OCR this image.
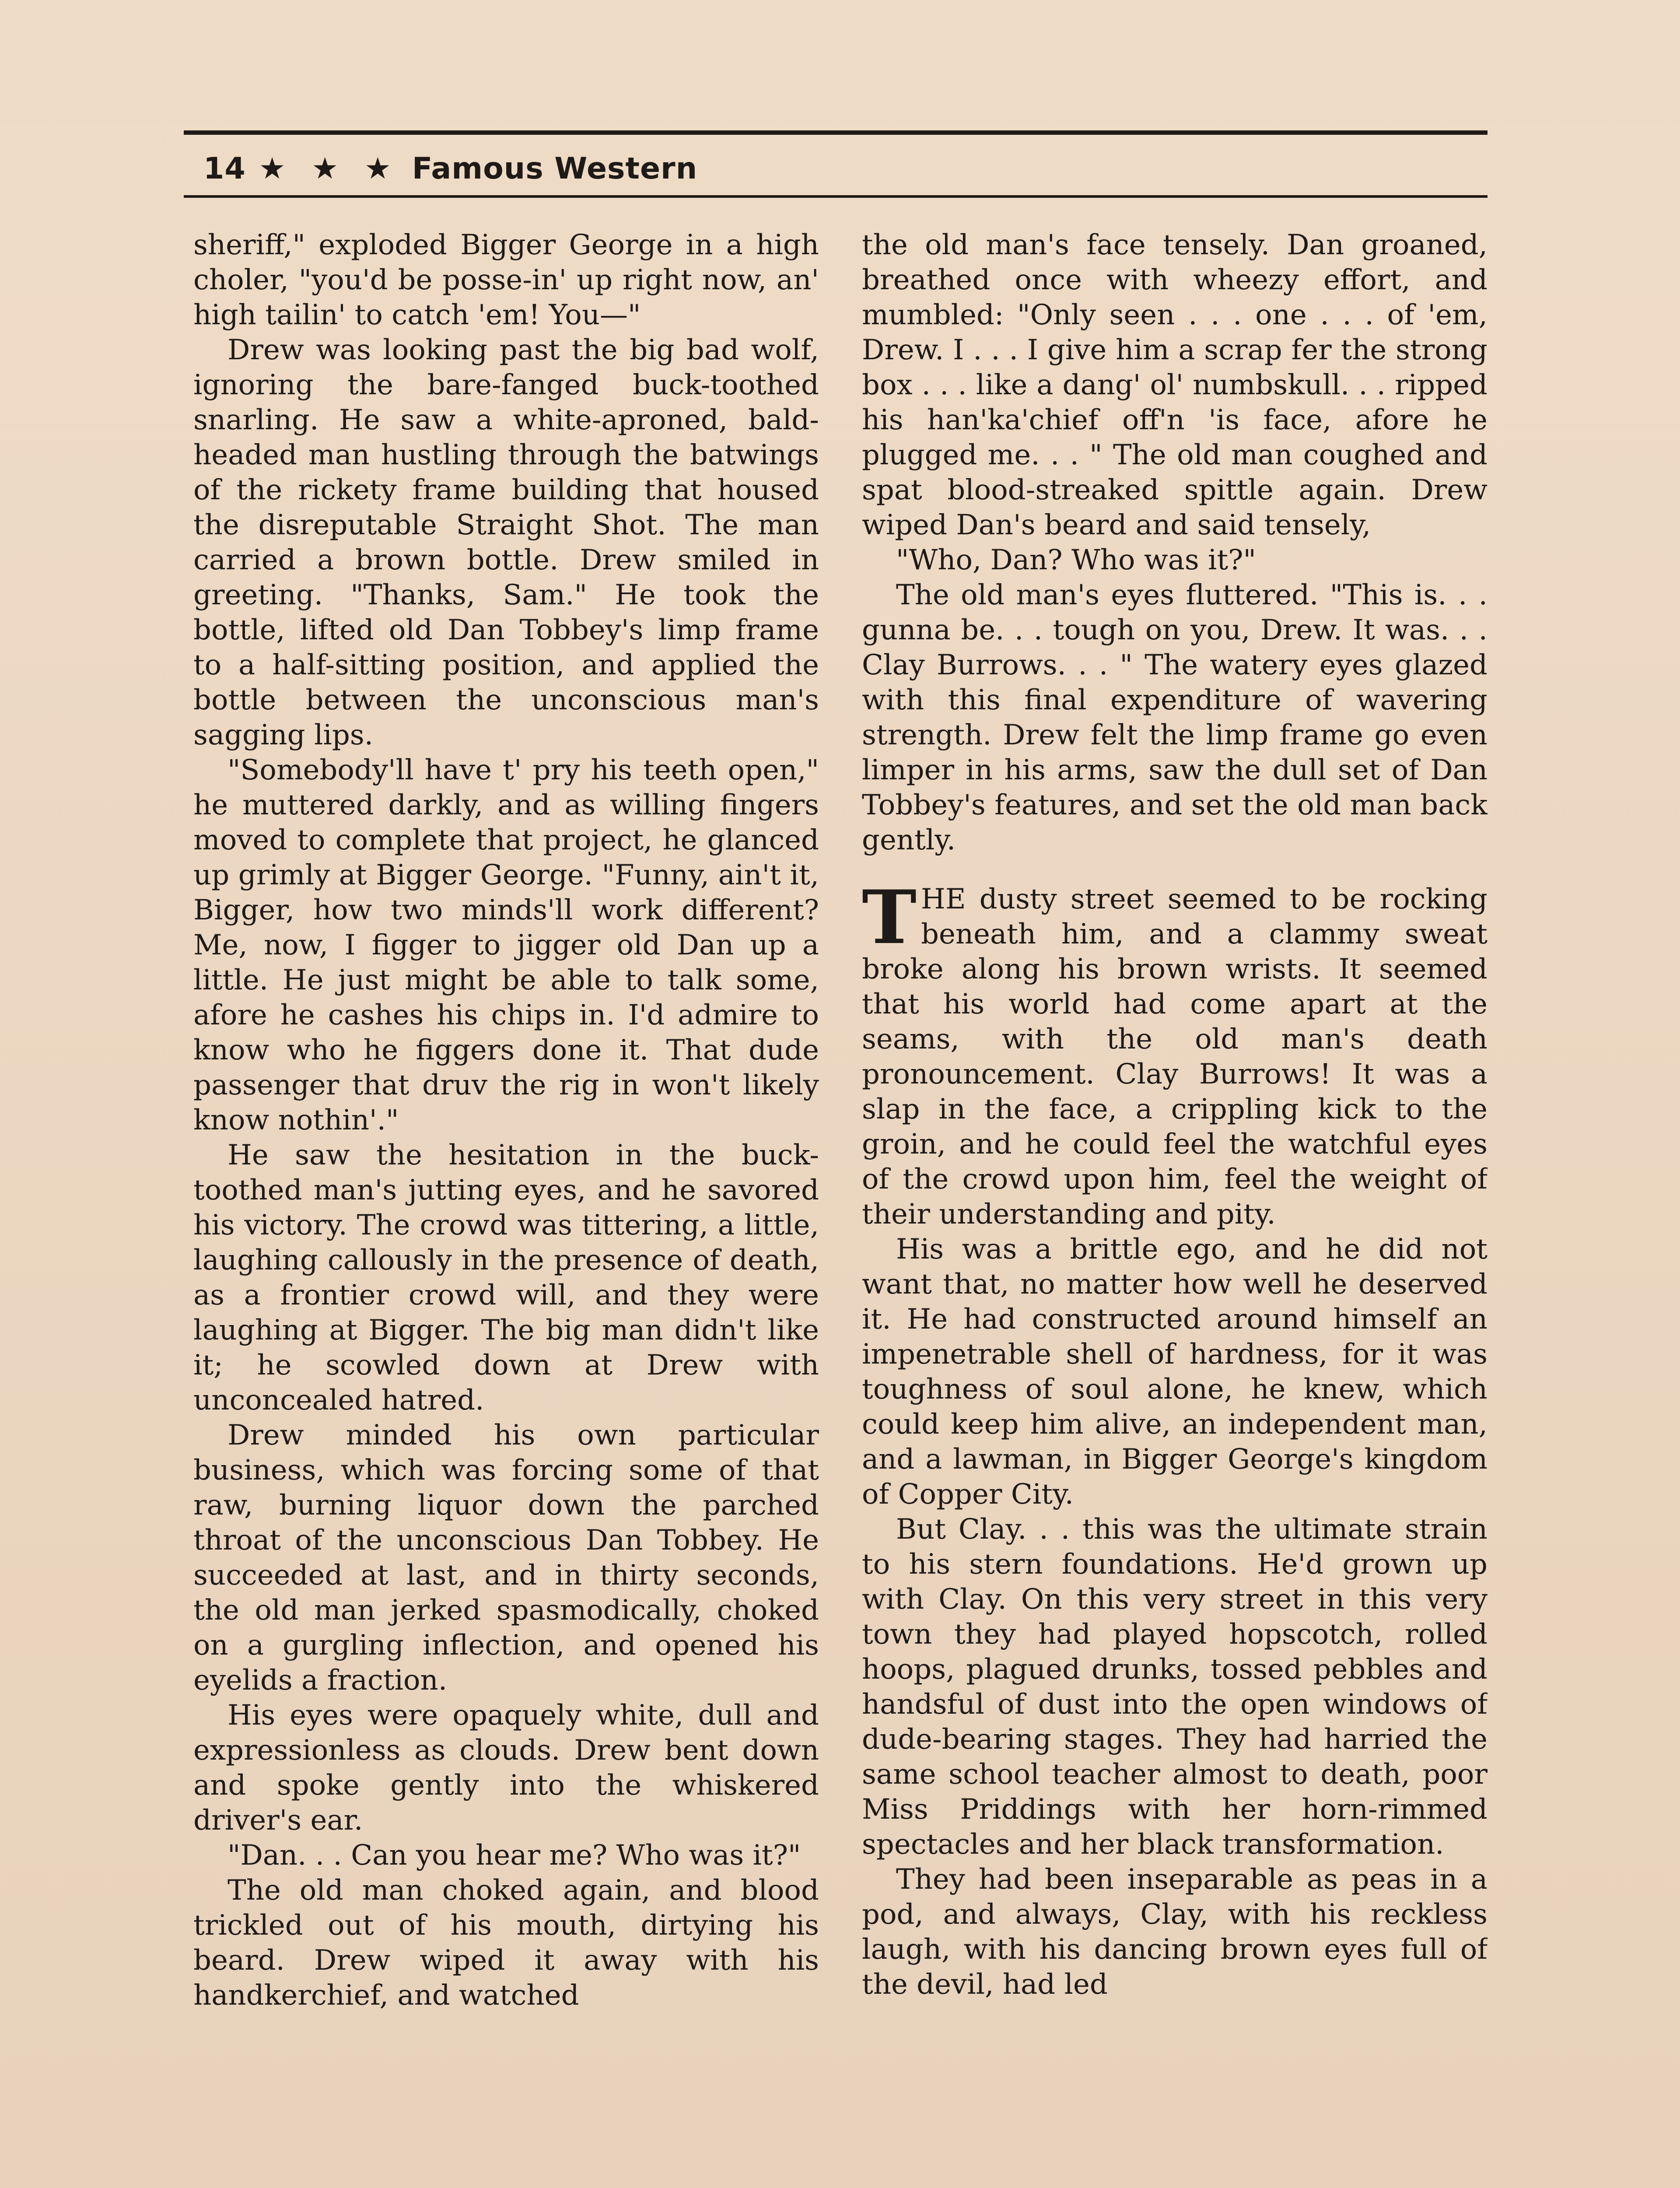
14 ★ ★ ★ Famous Western

sheriff," exploded Bigger George in a high choler, "you'd be posse-in' up right now, an' high tailin' to catch 'em! You—"

Drew was looking past the big bad wolf, ignoring the bare-fanged buck-toothed snarling. He saw a white-aproned, bald-headed man hustling through the batwings of the rickety frame building that housed the disreputable Straight Shot. The man carried a brown bottle. Drew smiled in greeting. "Thanks, Sam." He took the bottle, lifted old Dan Tobbey's limp frame to a half-sitting position, and applied the bottle between the unconscious man's sagging lips.

"Somebody'll have t' pry his teeth open," he muttered darkly, and as willing fingers moved to complete that project, he glanced up grimly at Bigger George. "Funny, ain't it, Bigger, how two minds'll work different? Me, now, I figger to jigger old Dan up a little. He just might be able to talk some, afore he cashes his chips in. I'd admire to know who he figgers done it. That dude passenger that druv the rig in won't likely know nothin'."

He saw the hesitation in the buck-toothed man's jutting eyes, and he savored his victory. The crowd was tittering, a little, laughing callously in the presence of death, as a frontier crowd will, and they were laughing at Bigger. The big man didn't like it; he scowled down at Drew with unconcealed hatred.

Drew minded his own particular business, which was forcing some of that raw, burning liquor down the parched throat of the unconscious Dan Tobbey. He succeeded at last, and in thirty seconds, the old man jerked spasmodically, choked on a gurgling inflection, and opened his eyelids a fraction.

His eyes were opaquely white, dull and expressionless as clouds. Drew bent down and spoke gently into the whiskered driver's ear.

"Dan. . . Can you hear me? Who was it?"

The old man choked again, and blood trickled out of his mouth, dirtying his beard. Drew wiped it away with his handkerchief, and watched

the old man's face tensely. Dan groaned, breathed once with wheezy effort, and mumbled: "Only seen . . . one . . . of 'em, Drew. I . . . I give him a scrap fer the strong box . . . like a dang' ol' numbskull. . . ripped his han'ka'chief off'n 'is face, afore he plugged me. . . " The old man coughed and spat blood-streaked spittle again. Drew wiped Dan's beard and said tensely,

"Who, Dan? Who was it?"

The old man's eyes fluttered. "This is. . . gunna be. . . tough on you, Drew. It was. . . Clay Burrows. . . " The watery eyes glazed with this final expenditure of wavering strength. Drew felt the limp frame go even limper in his arms, saw the dull set of Dan Tobbey's features, and set the old man back gently.

THE dusty street seemed to be rocking beneath him, and a clammy sweat broke along his brown wrists. It seemed that his world had come apart at the seams, with the old man's death pronouncement. Clay Burrows! It was a slap in the face, a crippling kick to the groin, and he could feel the watchful eyes of the crowd upon him, feel the weight of their understanding and pity.

His was a brittle ego, and he did not want that, no matter how well he deserved it. He had constructed around himself an impenetrable shell of hardness, for it was toughness of soul alone, he knew, which could keep him alive, an independent man, and a lawman, in Bigger George's kingdom of Copper City.

But Clay. . . this was the ultimate strain to his stern foundations. He'd grown up with Clay. On this very street in this very town they had played hopscotch, rolled hoops, plagued drunks, tossed pebbles and handsful of dust into the open windows of dude-bearing stages. They had harried the same school teacher almost to death, poor Miss Priddings with her horn-rimmed spectacles and her black transformation.

They had been inseparable as peas in a pod, and always, Clay, with his reckless laugh, with his dancing brown eyes full of the devil, had led
